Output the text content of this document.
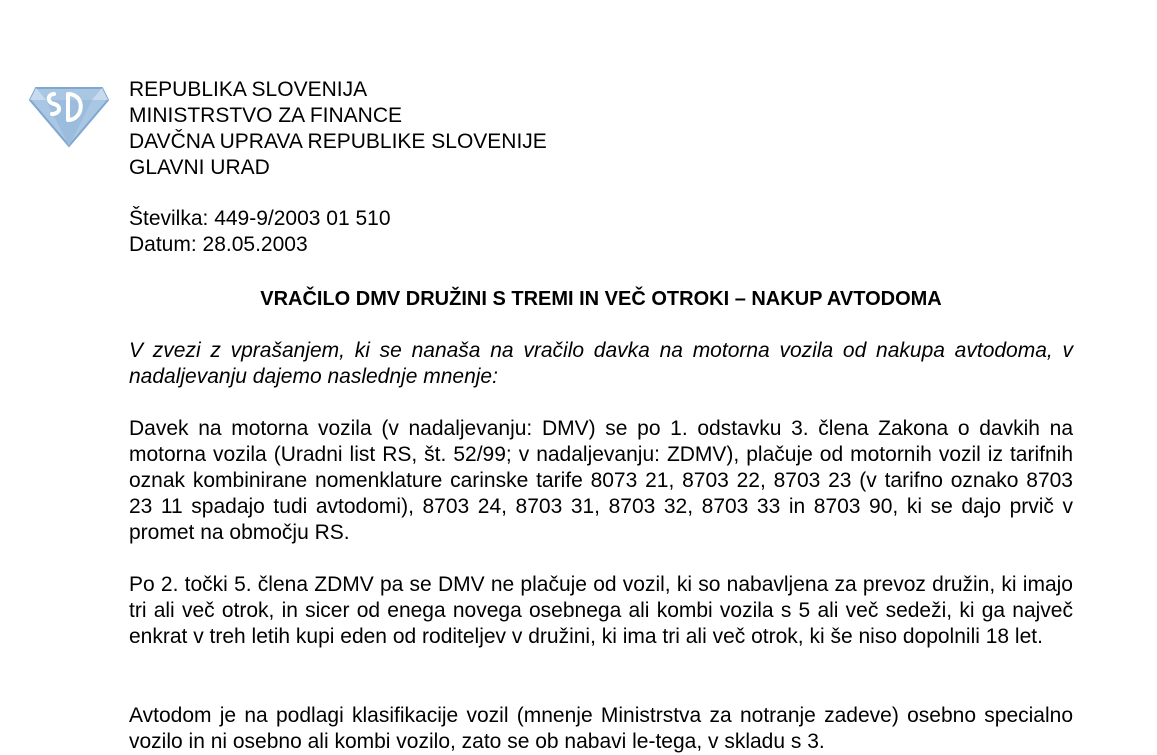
REPUBLIKA SLOVENIJA
MINISTRSTVO ZA FINANCE
DAVČNA UPRAVA REPUBLIKE SLOVENIJE
GLAVNI URAD
Številka: 449-9/2003 01 510
Datum: 28.05.2003
VRAČILO DMV DRUŽINI S TREMI IN VEČ OTROKI – NAKUP AVTODOMA

V zvezi z vprašanjem, ki se nanaša na vračilo davka na motorna vozila od nakupa avtodoma, v nadaljevanju dajemo naslednje mnenje:

Davek na motorna vozila (v nadaljevanju: DMV) se po 1. odstavku 3. člena Zakona o davkih na motorna vozila (Uradni list RS, št. 52/99; v nadaljevanju: ZDMV), plačuje od motornih vozil iz tarifnih oznak kombinirane nomenklature carinske tarife 8073 21, 8703 22, 8703 23 (v tarifno oznako 8703 23 11 spadajo tudi avtodomi), 8703 24, 8703 31, 8703 32, 8703 33 in 8703 90, ki se dajo prvič v promet na območju RS.

Po 2. točki 5. člena ZDMV pa se DMV ne plačuje od vozil, ki so nabavljena za prevoz družin, ki imajo tri ali več otrok, in sicer od enega novega osebnega ali kombi vozila s 5 ali več sedeži, ki ga največ enkrat v treh letih kupi eden od roditeljev v družini, ki ima tri ali več otrok, ki še niso dopolnili 18 let.

Avtodom je na podlagi klasifikacije vozil (mnenje Ministrstva za notranje zadeve) osebno specialno vozilo in ni osebno ali kombi vozilo, zato se ob nabavi le-tega, v skladu s 3.
